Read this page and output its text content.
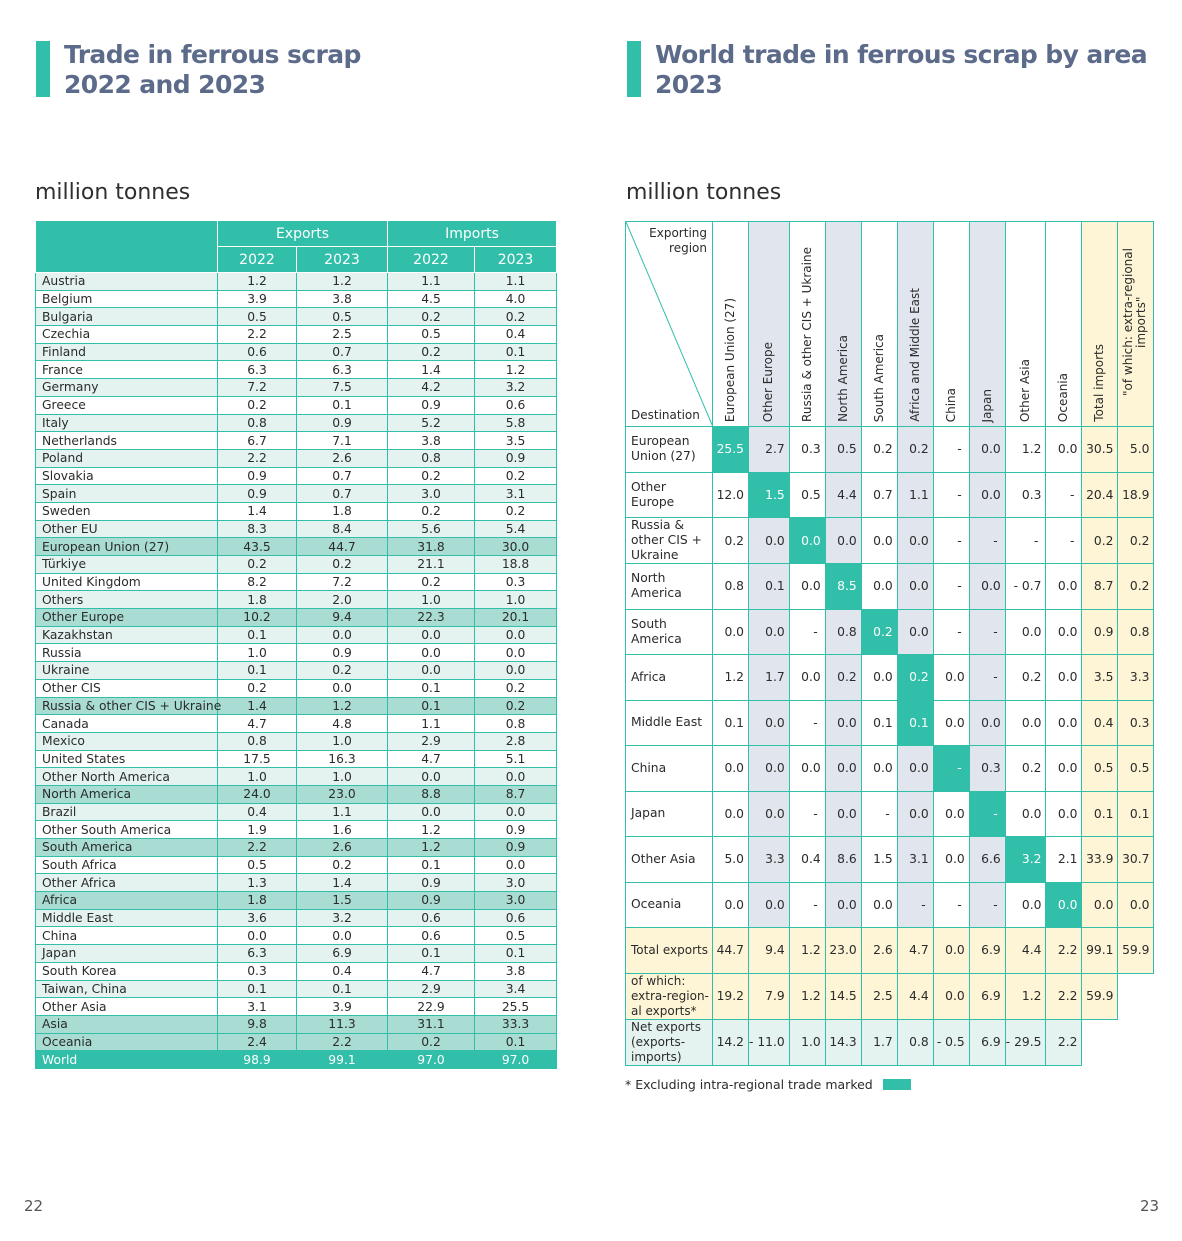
Trade in ferrous scrap
2022 and 2023

million tonnes

	Exports		Imports	
	2022	2023	2022	2023
Austria	1.2	1.2	1.1	1.1
Belgium	3.9	3.8	4.5	4.0
Bulgaria	0.5	0.5	0.2	0.2
Czechia	2.2	2.5	0.5	0.4
Finland	0.6	0.7	0.2	0.1
France	6.3	6.3	1.4	1.2
Germany	7.2	7.5	4.2	3.2
Greece	0.2	0.1	0.9	0.6
Italy	0.8	0.9	5.2	5.8
Netherlands	6.7	7.1	3.8	3.5
Poland	2.2	2.6	0.8	0.9
Slovakia	0.9	0.7	0.2	0.2
Spain	0.9	0.7	3.0	3.1
Sweden	1.4	1.8	0.2	0.2
Other EU	8.3	8.4	5.6	5.4
European Union (27)	43.5	44.7	31.8	30.0
Türkiye	0.2	0.2	21.1	18.8
United Kingdom	8.2	7.2	0.2	0.3
Others	1.8	2.0	1.0	1.0
Other Europe	10.2	9.4	22.3	20.1
Kazakhstan	0.1	0.0	0.0	0.0
Russia	1.0	0.9	0.0	0.0
Ukraine	0.1	0.2	0.0	0.0
Other CIS	0.2	0.0	0.1	0.2
Russia & other CIS + Ukraine	1.4	1.2	0.1	0.2
Canada	4.7	4.8	1.1	0.8
Mexico	0.8	1.0	2.9	2.8
United States	17.5	16.3	4.7	5.1
Other North America	1.0	1.0	0.0	0.0
North America	24.0	23.0	8.8	8.7
Brazil	0.4	1.1	0.0	0.0
Other South America	1.9	1.6	1.2	0.9
South America	2.2	2.6	1.2	0.9
South Africa	0.5	0.2	0.1	0.0
Other Africa	1.3	1.4	0.9	3.0
Africa	1.8	1.5	0.9	3.0
Middle East	3.6	3.2	0.6	0.6
China	0.0	0.0	0.6	0.5
Japan	6.3	6.9	0.1	0.1
South Korea	0.3	0.4	4.7	3.8
Taiwan, China	0.1	0.1	2.9	3.4
Other Asia	3.1	3.9	22.9	25.5
Asia	9.8	11.3	31.1	33.3
Oceania	2.4	2.2	0.2	0.1
World	98.9	99.1	97.0	97.0
22
World trade in ferrous scrap by area
2023

million tonnes

Exporting region
Destination	European Union (27)	Other Europe	Russia & other CIS + Ukraine	North America	South America	Africa and Middle East	China	Japan	Other Asia	Oceania	Total imports	"of which: extra-regional imports"

European Union (27)	25.5	2.7	0.3	0.5	0.2	0.2	-	0.0	1.2	0.0	30.5	5.0
Other Europe	12.0	1.5	0.5	4.4	0.7	1.1	-	0.0	0.3	-	20.4	18.9
Russia & other CIS + Ukraine	0.2	0.0	0.0	0.0	0.0	0.0	-	-	-	-	0.2	0.2
North America	0.8	0.1	0.0	8.5	0.0	0.0	-	0.0	- 0.7	0.0	8.7	0.2
South America	0.0	0.0	-	0.8	0.2	0.0	-	-	0.0	0.0	0.9	0.8
Africa	1.2	1.7	0.0	0.2	0.0	0.2	0.0	-	0.2	0.0	3.5	3.3
Middle East	0.1	0.0	-	0.0	0.1	0.1	0.0	0.0	0.0	0.0	0.4	0.3
China	0.0	0.0	0.0	0.0	0.0	0.0	-	0.3	0.2	0.0	0.5	0.5
Japan	0.0	0.0	-	0.0	-	0.0	0.0	-	0.0	0.0	0.1	0.1
Other Asia	5.0	3.3	0.4	8.6	1.5	3.1	0.0	6.6	3.2	2.1	33.9	30.7
Oceania	0.0	0.0	-	0.0	0.0	-	-	-	0.0	0.0	0.0	0.0
Total exports	44.7	9.4	1.2	23.0	2.6	4.7	0.0	6.9	4.4	2.2	99.1	59.9
of which: extra-region- al exports*	19.2	7.9	1.2	14.5	2.5	4.4	0.0	6.9	1.2	2.2	59.9	
Net exports (exports- imports)	14.2	- 11.0	1.0	14.3	1.7	0.8	- 0.5	6.9	- 29.5	2.2		
* Excluding intra-regional trade marked
23
